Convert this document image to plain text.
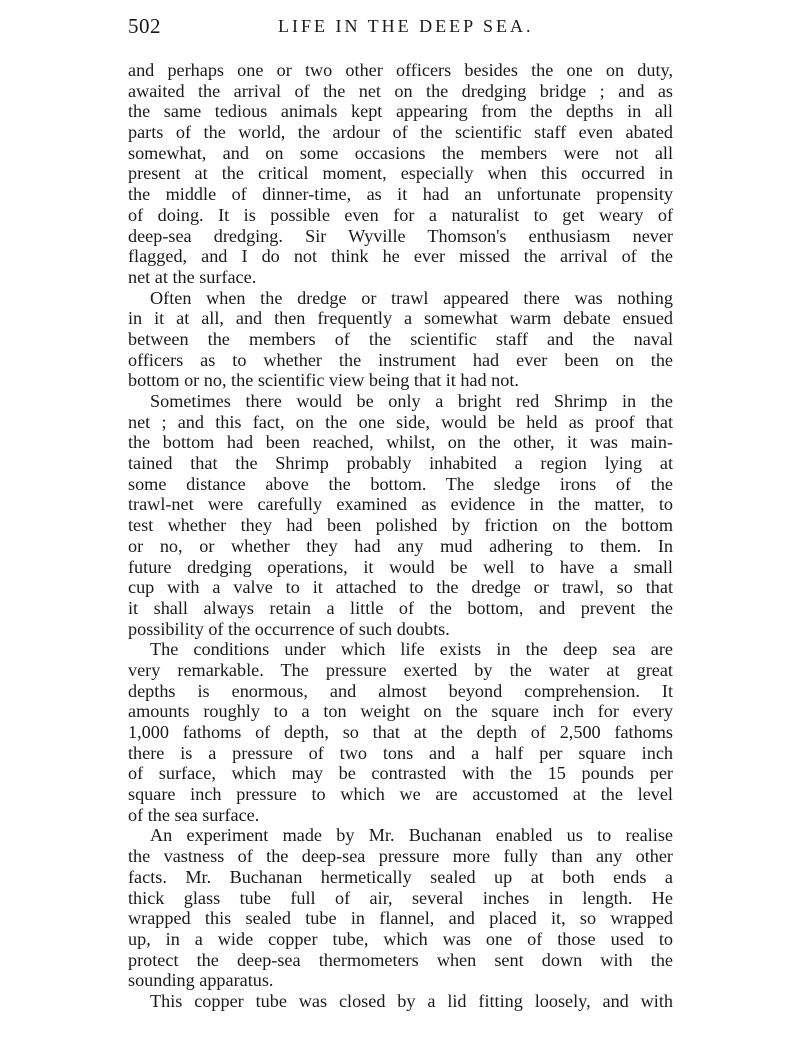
502	LIFE IN THE DEEP SEA.
and perhaps one or two other officers besides the one on duty,
awaited the arrival of the net on the dredging bridge ; and as
the same tedious animals kept appearing from the depths in all
parts of the world, the ardour of the scientific staff even abated
somewhat, and on some occasions the members were not all
present at the critical moment, especially when this occurred in
the middle of dinner-time, as it had an unfortunate propensity
of doing. It is possible even for a naturalist to get weary of
deep-sea dredging. Sir Wyville Thomson's enthusiasm never
flagged, and I do not think he ever missed the arrival of the
net at the surface.
Often when the dredge or trawl appeared there was nothing
in it at all, and then frequently a somewhat warm debate ensued
between the members of the scientific staff and the naval
officers as to whether the instrument had ever been on the
bottom or no, the scientific view being that it had not.
Sometimes there would be only a bright red Shrimp in the
net ; and this fact, on the one side, would be held as proof that
the bottom had been reached, whilst, on the other, it was main-
tained that the Shrimp probably inhabited a region lying at
some distance above the bottom. The sledge irons of the
trawl-net were carefully examined as evidence in the matter, to
test whether they had been polished by friction on the bottom
or no, or whether they had any mud adhering to them. In
future dredging operations, it would be well to have a small
cup with a valve to it attached to the dredge or trawl, so that
it shall always retain a little of the bottom, and prevent the
possibility of the occurrence of such doubts.
The conditions under which life exists in the deep sea are
very remarkable. The pressure exerted by the water at great
depths is enormous, and almost beyond comprehension. It
amounts roughly to a ton weight on the square inch for every
1,000 fathoms of depth, so that at the depth of 2,500 fathoms
there is a pressure of two tons and a half per square inch
of surface, which may be contrasted with the 15 pounds per
square inch pressure to which we are accustomed at the level
of the sea surface.
An experiment made by Mr. Buchanan enabled us to realise
the vastness of the deep-sea pressure more fully than any other
facts. Mr. Buchanan hermetically sealed up at both ends a
thick glass tube full of air, several inches in length. He
wrapped this sealed tube in flannel, and placed it, so wrapped
up, in a wide copper tube, which was one of those used to
protect the deep-sea thermometers when sent down with the
sounding apparatus.
This copper tube was closed by a lid fitting loosely, and with
